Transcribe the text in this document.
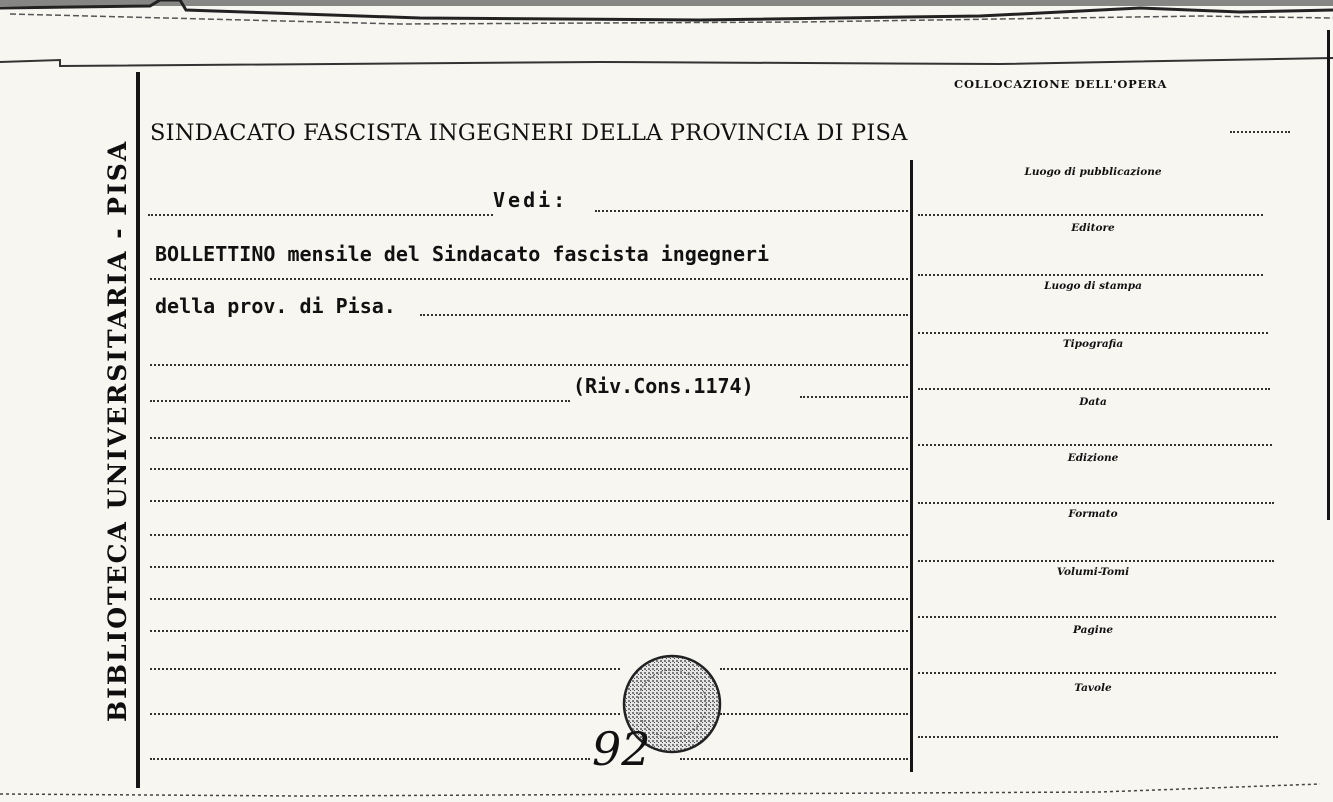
BIBLIOTECA UNIVERSITARIA - PISA
COLLOCAZIONE DELL'OPERA
SINDACATO FASCISTA INGEGNERI DELLA PROVINCIA DI PISA
Vedi:
BOLLETTINO mensile del Sindacato fascista ingegneri
della prov. di Pisa.
(Riv.Cons.1174)
Luogo di pubblicazione
Editore
Luogo di stampa
Tipografia
Data
Edizione
Formato
Volumi-Tomi
Pagine
Tavole
92
